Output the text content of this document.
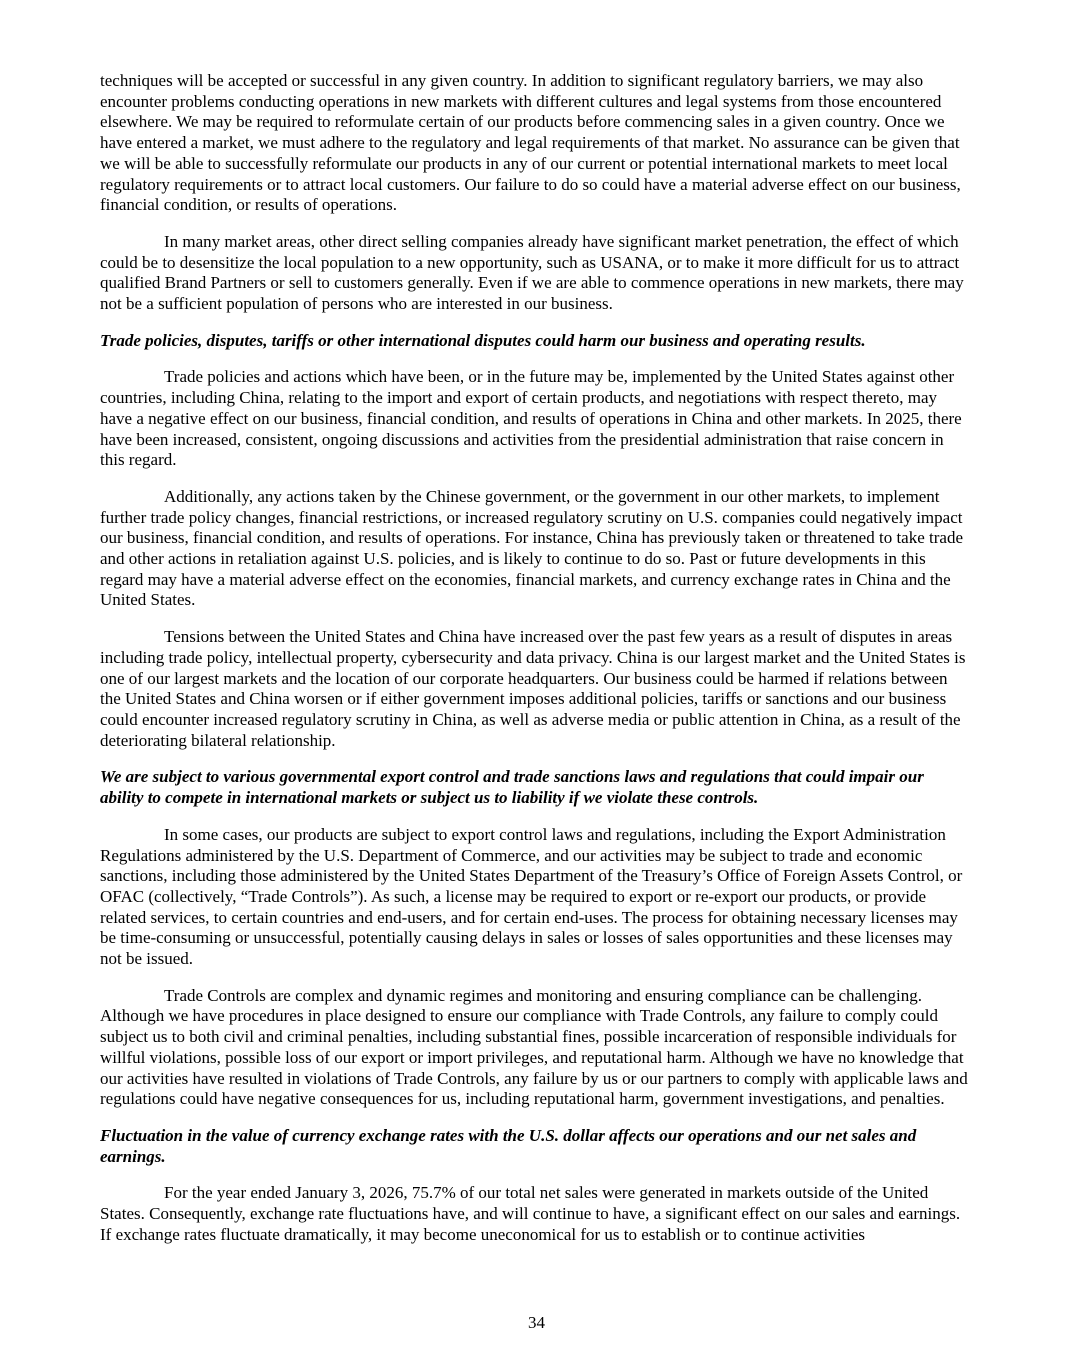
techniques will be accepted or successful in any given country. In addition to significant regulatory barriers, we may also encounter problems conducting operations in new markets with different cultures and legal systems from those encountered elsewhere. We may be required to reformulate certain of our products before commencing sales in a given country. Once we have entered a market, we must adhere to the regulatory and legal requirements of that market. No assurance can be given that we will be able to successfully reformulate our products in any of our current or potential international markets to meet local regulatory requirements or to attract local customers. Our failure to do so could have a material adverse effect on our business, financial condition, or results of operations.

In many market areas, other direct selling companies already have significant market penetration, the effect of which could be to desensitize the local population to a new opportunity, such as USANA, or to make it more difficult for us to attract qualified Brand Partners or sell to customers generally. Even if we are able to commence operations in new markets, there may not be a sufficient population of persons who are interested in our business.

Trade policies, disputes, tariffs or other international disputes could harm our business and operating results.

Trade policies and actions which have been, or in the future may be, implemented by the United States against other countries, including China, relating to the import and export of certain products, and negotiations with respect thereto, may have a negative effect on our business, financial condition, and results of operations in China and other markets. In 2025, there have been increased, consistent, ongoing discussions and activities from the presidential administration that raise concern in this regard.

Additionally, any actions taken by the Chinese government, or the government in our other markets, to implement further trade policy changes, financial restrictions, or increased regulatory scrutiny on U.S. companies could negatively impact our business, financial condition, and results of operations. For instance, China has previously taken or threatened to take trade and other actions in retaliation against U.S. policies, and is likely to continue to do so. Past or future developments in this regard may have a material adverse effect on the economies, financial markets, and currency exchange rates in China and the United States.

Tensions between the United States and China have increased over the past few years as a result of disputes in areas including trade policy, intellectual property, cybersecurity and data privacy. China is our largest market and the United States is one of our largest markets and the location of our corporate headquarters. Our business could be harmed if relations between the United States and China worsen or if either government imposes additional policies, tariffs or sanctions and our business could encounter increased regulatory scrutiny in China, as well as adverse media or public attention in China, as a result of the deteriorating bilateral relationship.

We are subject to various governmental export control and trade sanctions laws and regulations that could impair our ability to compete in international markets or subject us to liability if we violate these controls.

In some cases, our products are subject to export control laws and regulations, including the Export Administration Regulations administered by the U.S. Department of Commerce, and our activities may be subject to trade and economic sanctions, including those administered by the United States Department of the Treasury’s Office of Foreign Assets Control, or OFAC (collectively, “Trade Controls”). As such, a license may be required to export or re-export our products, or provide related services, to certain countries and end-users, and for certain end-uses. The process for obtaining necessary licenses may be time-consuming or unsuccessful, potentially causing delays in sales or losses of sales opportunities and these licenses may not be issued.

Trade Controls are complex and dynamic regimes and monitoring and ensuring compliance can be challenging. Although we have procedures in place designed to ensure our compliance with Trade Controls, any failure to comply could subject us to both civil and criminal penalties, including substantial fines, possible incarceration of responsible individuals for willful violations, possible loss of our export or import privileges, and reputational harm. Although we have no knowledge that our activities have resulted in violations of Trade Controls, any failure by us or our partners to comply with applicable laws and regulations could have negative consequences for us, including reputational harm, government investigations, and penalties.

Fluctuation in the value of currency exchange rates with the U.S. dollar affects our operations and our net sales and earnings.

For the year ended January 3, 2026, 75.7% of our total net sales were generated in markets outside of the United States. Consequently, exchange rate fluctuations have, and will continue to have, a significant effect on our sales and earnings. If exchange rates fluctuate dramatically, it may become uneconomical for us to establish or to continue activities

34
